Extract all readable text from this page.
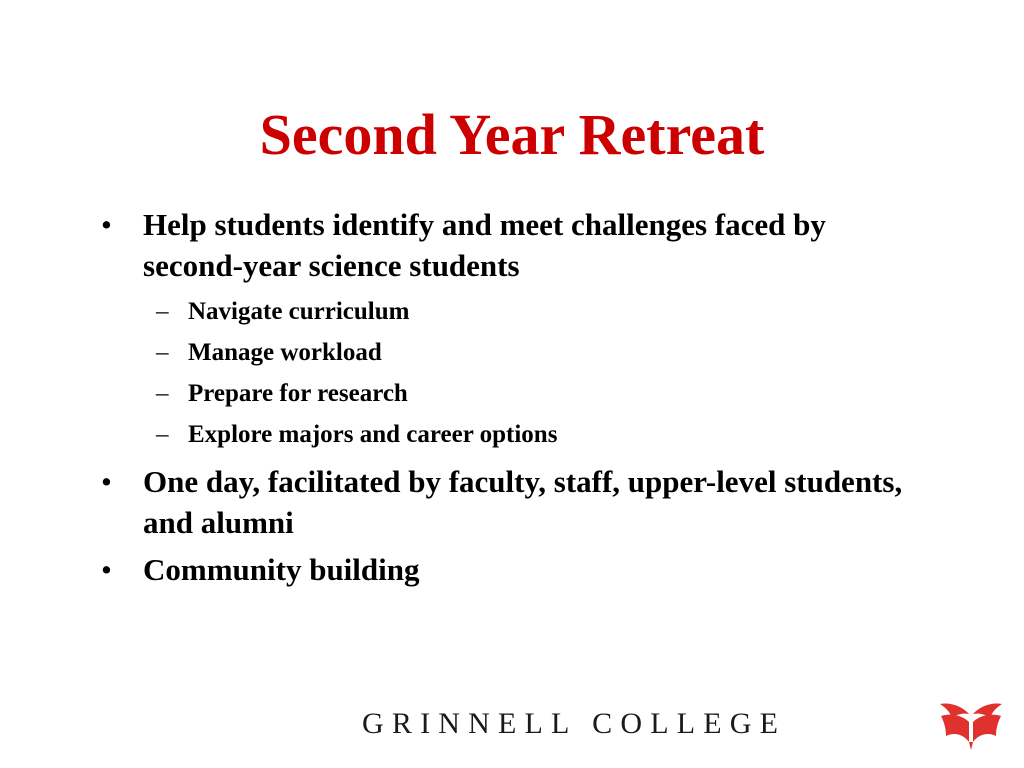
Second Year Retreat
• Help students identify and meet challenges faced by second-year science students
– Navigate curriculum
– Manage workload
– Prepare for research
– Explore majors and career options
• One day, facilitated by faculty, staff, upper-level students, and alumni
• Community building
GRINNELL COLLEGE
